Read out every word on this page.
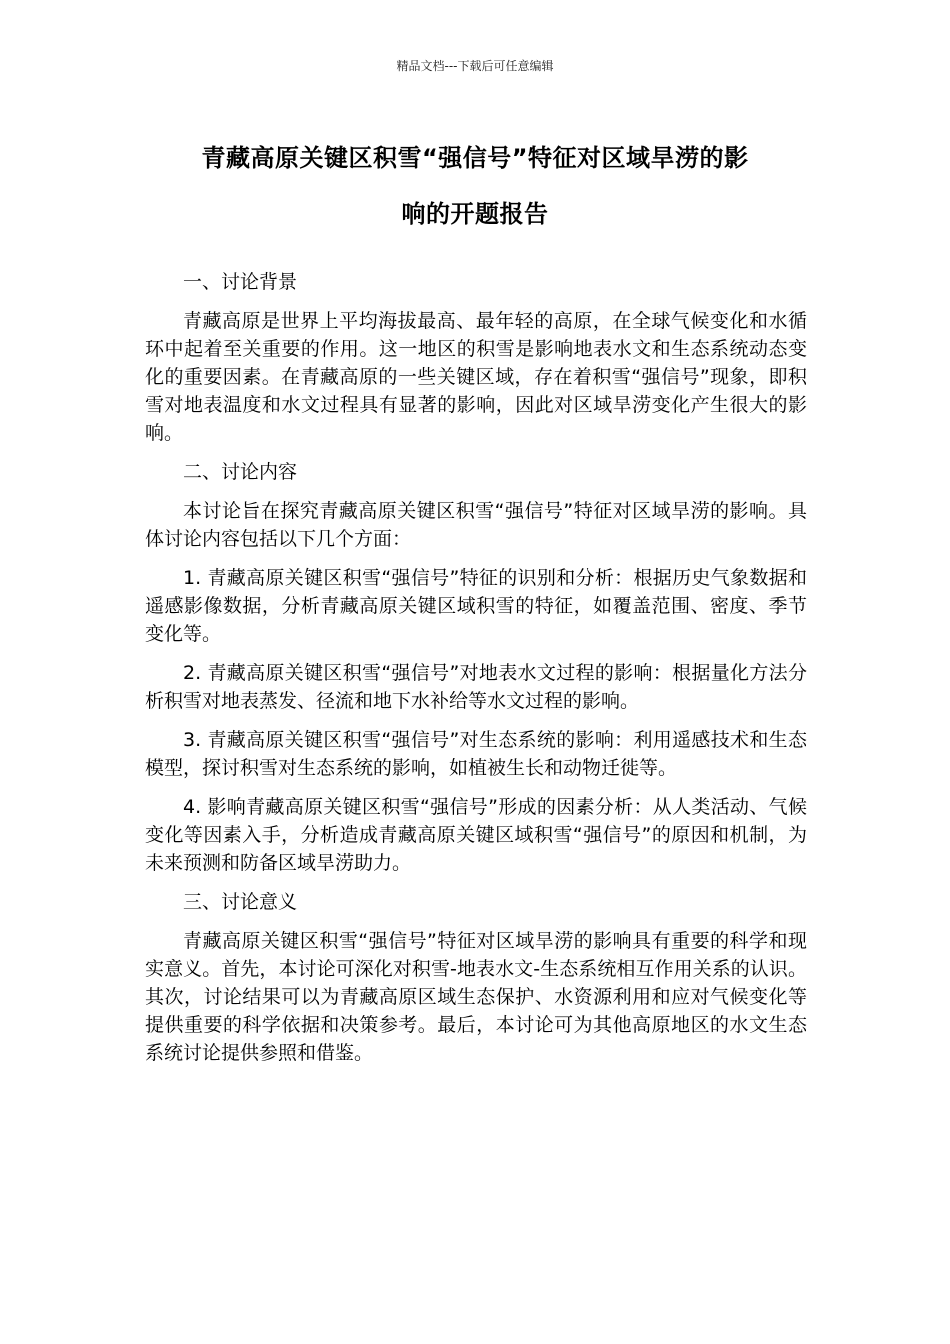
精品文档---下载后可任意编辑
青藏高原关键区积雪“强信号”特征对区域旱涝的影
响的开题报告
一、讨论背景

青藏高原是世界上平均海拔最高、最年轻的高原，在全球气候变化和水循环中起着至关重要的作用。这一地区的积雪是影响地表水文和生态系统动态变化的重要因素。在青藏高原的一些关键区域，存在着积雪“强信号”现象，即积雪对地表温度和水文过程具有显著的影响，因此对区域旱涝变化产生很大的影响。

二、讨论内容

本讨论旨在探究青藏高原关键区积雪“强信号”特征对区域旱涝的影响。具体讨论内容包括以下几个方面：

1. 青藏高原关键区积雪“强信号”特征的识别和分析：根据历史气象数据和遥感影像数据，分析青藏高原关键区域积雪的特征，如覆盖范围、密度、季节变化等。

2. 青藏高原关键区积雪“强信号”对地表水文过程的影响：根据量化方法分析积雪对地表蒸发、径流和地下水补给等水文过程的影响。

3. 青藏高原关键区积雪“强信号”对生态系统的影响：利用遥感技术和生态模型，探讨积雪对生态系统的影响，如植被生长和动物迁徙等。

4. 影响青藏高原关键区积雪“强信号”形成的因素分析：从人类活动、气候变化等因素入手，分析造成青藏高原关键区域积雪“强信号”的原因和机制，为未来预测和防备区域旱涝助力。

三、讨论意义

青藏高原关键区积雪“强信号”特征对区域旱涝的影响具有重要的科学和现实意义。首先，本讨论可深化对积雪-地表水文-生态系统相互作用关系的认识。其次，讨论结果可以为青藏高原区域生态保护、水资源利用和应对气候变化等提供重要的科学依据和决策参考。最后，本讨论可为其他高原地区的水文生态系统讨论提供参照和借鉴。
